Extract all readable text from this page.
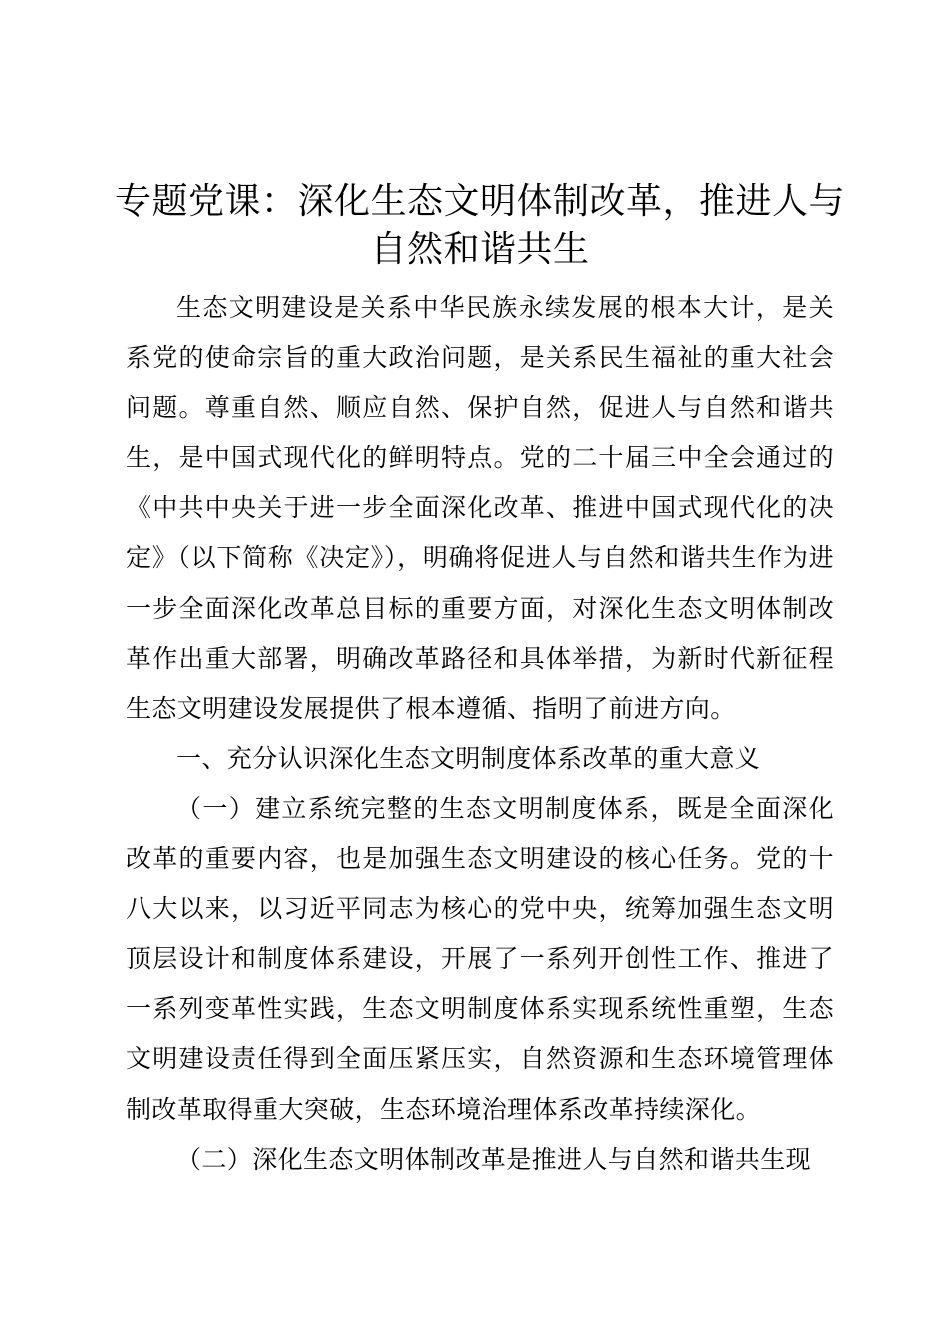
专题党课：深化生态文明体制改革，推进人与自然和谐共生

生态文明建设是关系中华民族永续发展的根本大计，是关系党的使命宗旨的重大政治问题，是关系民生福祉的重大社会问题。尊重自然、顺应自然、保护自然，促进人与自然和谐共生，是中国式现代化的鲜明特点。党的二十届三中全会通过的《中共中央关于进一步全面深化改革、推进中国式现代化的决定》（以下简称《决定》），明确将促进人与自然和谐共生作为进一步全面深化改革总目标的重要方面，对深化生态文明体制改革作出重大部署，明确改革路径和具体举措，为新时代新征程生态文明建设发展提供了根本遵循、指明了前进方向。

一、充分认识深化生态文明制度体系改革的重大意义

（一）建立系统完整的生态文明制度体系，既是全面深化改革的重要内容，也是加强生态文明建设的核心任务。党的十八大以来，以习近平同志为核心的党中央，统筹加强生态文明顶层设计和制度体系建设，开展了一系列开创性工作、推进了一系列变革性实践，生态文明制度体系实现系统性重塑，生态文明建设责任得到全面压紧压实，自然资源和生态环境管理体制改革取得重大突破，生态环境治理体系改革持续深化。

（二）深化生态文明体制改革是推进人与自然和谐共生现
